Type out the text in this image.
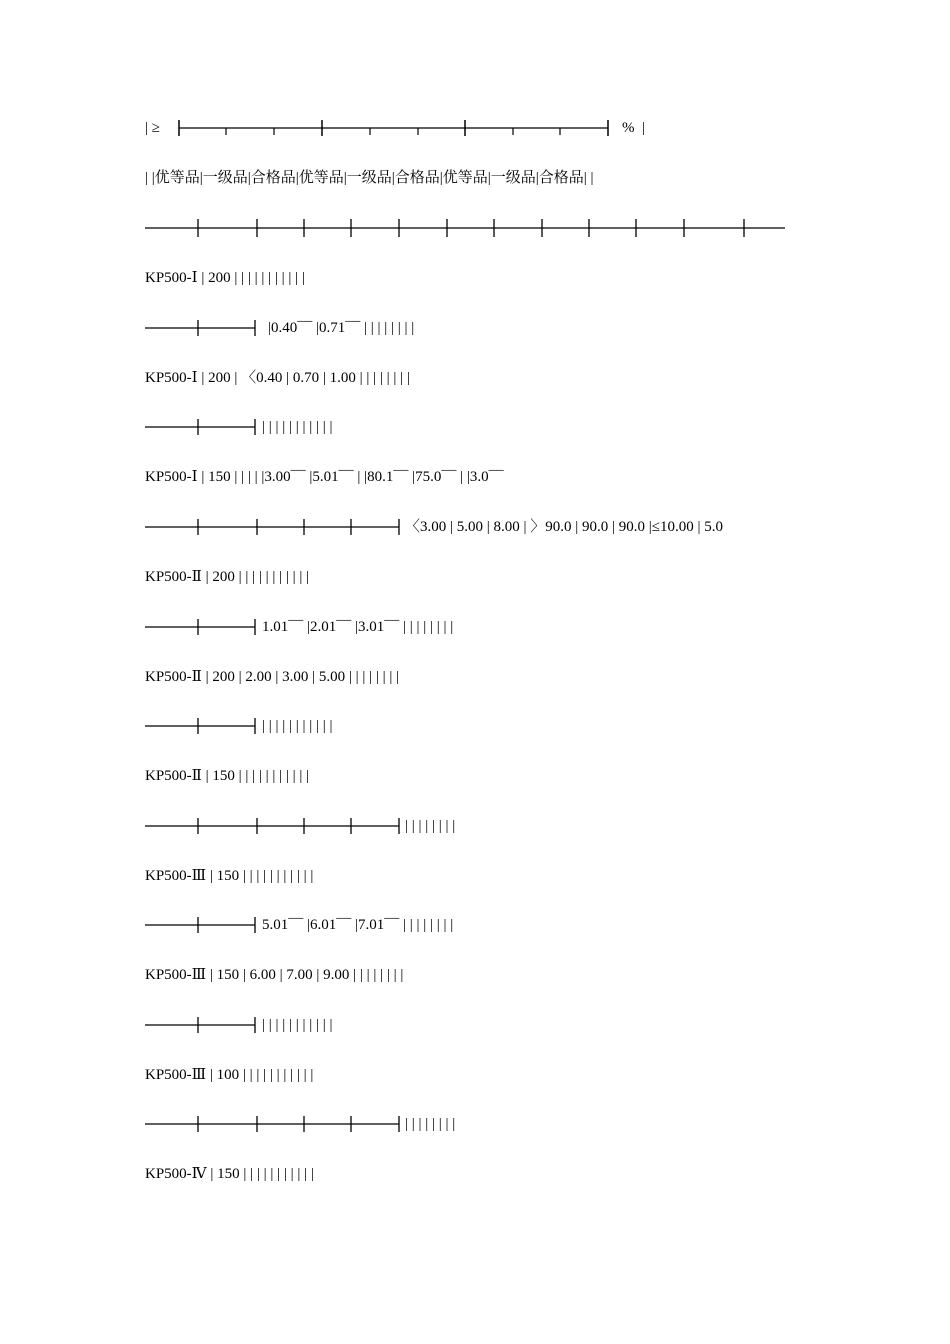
| ≥	%  |
| |优等品|一级品|合格品|优等品|一级品|合格品|优等品|一级品|合格品| |
KP500-Ⅰ | 200 | | | | | | | | | | |
|0.40¯¯ |0.71¯¯ | | | | | | | |
KP500-Ⅰ | 200 | 〈0.40 | 0.70 | 1.00 | | | | | | | |
| | | | | | | | | | |
KP500-Ⅰ | 150 | | | | |3.00¯¯ |5.01¯¯ | |80.1¯¯ |75.0¯¯ | |3.0¯¯
〈3.00 | 5.00 | 8.00 | 〉90.0 | 90.0 | 90.0 |≤10.00 | 5.0
KP500-Ⅱ | 200 | | | | | | | | | | |
1.01¯¯ |2.01¯¯ |3.01¯¯ | | | | | | | |
KP500-Ⅱ | 200 | 2.00 | 3.00 | 5.00 | | | | | | | |
| | | | | | | | | | |
KP500-Ⅱ | 150 | | | | | | | | | | |
| | | | | | | |
KP500-Ⅲ | 150 | | | | | | | | | | |
5.01¯¯ |6.01¯¯ |7.01¯¯ | | | | | | | |
KP500-Ⅲ | 150 | 6.00 | 7.00 | 9.00 | | | | | | | |
| | | | | | | | | | |
KP500-Ⅲ | 100 | | | | | | | | | | |
| | | | | | | |
KP500-Ⅳ | 150 | | | | | | | | | | |
